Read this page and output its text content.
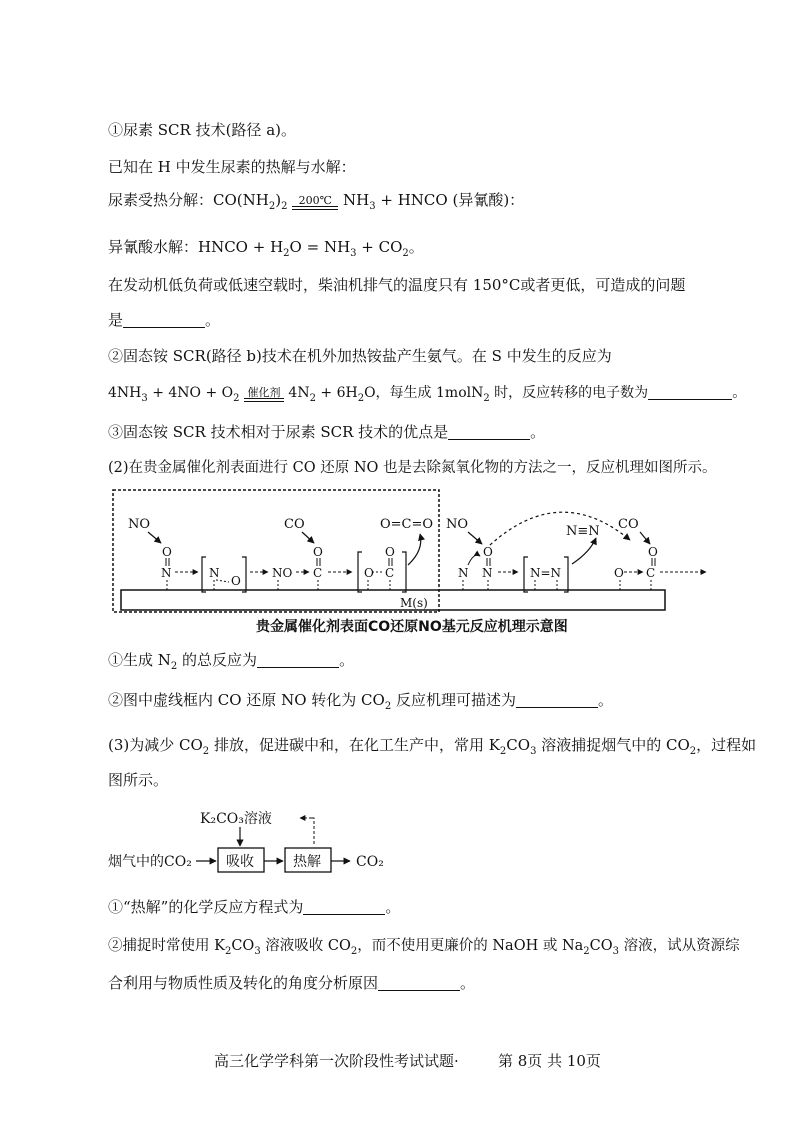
①尿素 SCR 技术(路径 a)。
已知在 H 中发生尿素的热解与水解：
尿素受热分解：$CO(NH_2)_2$	200℃ $NH_3$ + HNCO (异氰酸)：
异氰酸水解：HNCO + $H_2O = NH_3 + CO_2$。
在发动机低负荷或低速空载时，柴油机排气的温度只有 150°C或者更低，可造成的问题
是	。
②固态铵 SCR(路径 b)技术在机外加热铵盐产生氨气。在 S 中发生的反应为
$4NH_3 + 4NO + O_2$ 催化剂 $4N_2 + 6H_2O$，每生成 1molN$_2$ 时，反应转移的电子数为	。
③固态铵 SCR 技术相对于尿素 SCR 技术的优点是	。
(2)在贵金属催化剂表面进行 CO 还原 NO 也是去除氮氧化物的方法之一，反应机理如图所示。
NO
O
N	N
O
NO
CO
O
C	O C
O
O=C=O
M(s)
NO
O
N
N	N=N
N≡N CO
O C
O
K₂CO₃溶液
烟气中的CO₂ 吸收	热解	CO₂
贵金属催化剂表面CO还原NO基元反应机理示意图
①生成 $N_2$ 的总反应为	。
②图中虚线框内 CO 还原 NO 转化为 $CO_2$ 反应机理可描述为	。
(3)为减少 $CO_2$ 排放，促进碳中和，在化工生产中，常用 $K_2CO_3$ 溶液捕捉烟气中的 $CO_2$，过程如
图所示。
①“热解”的化学反应方程式为	。
②捕捉时常使用 $K_2CO_3$ 溶液吸收 $CO_2$，而不使用更廉价的 NaOH 或 $Na_2CO_3$ 溶液，试从资源综
合利用与物质性质及转化的角度分析原因	。
高三化学学科第一次阶段性考试试题·	第 8页 共 10页
